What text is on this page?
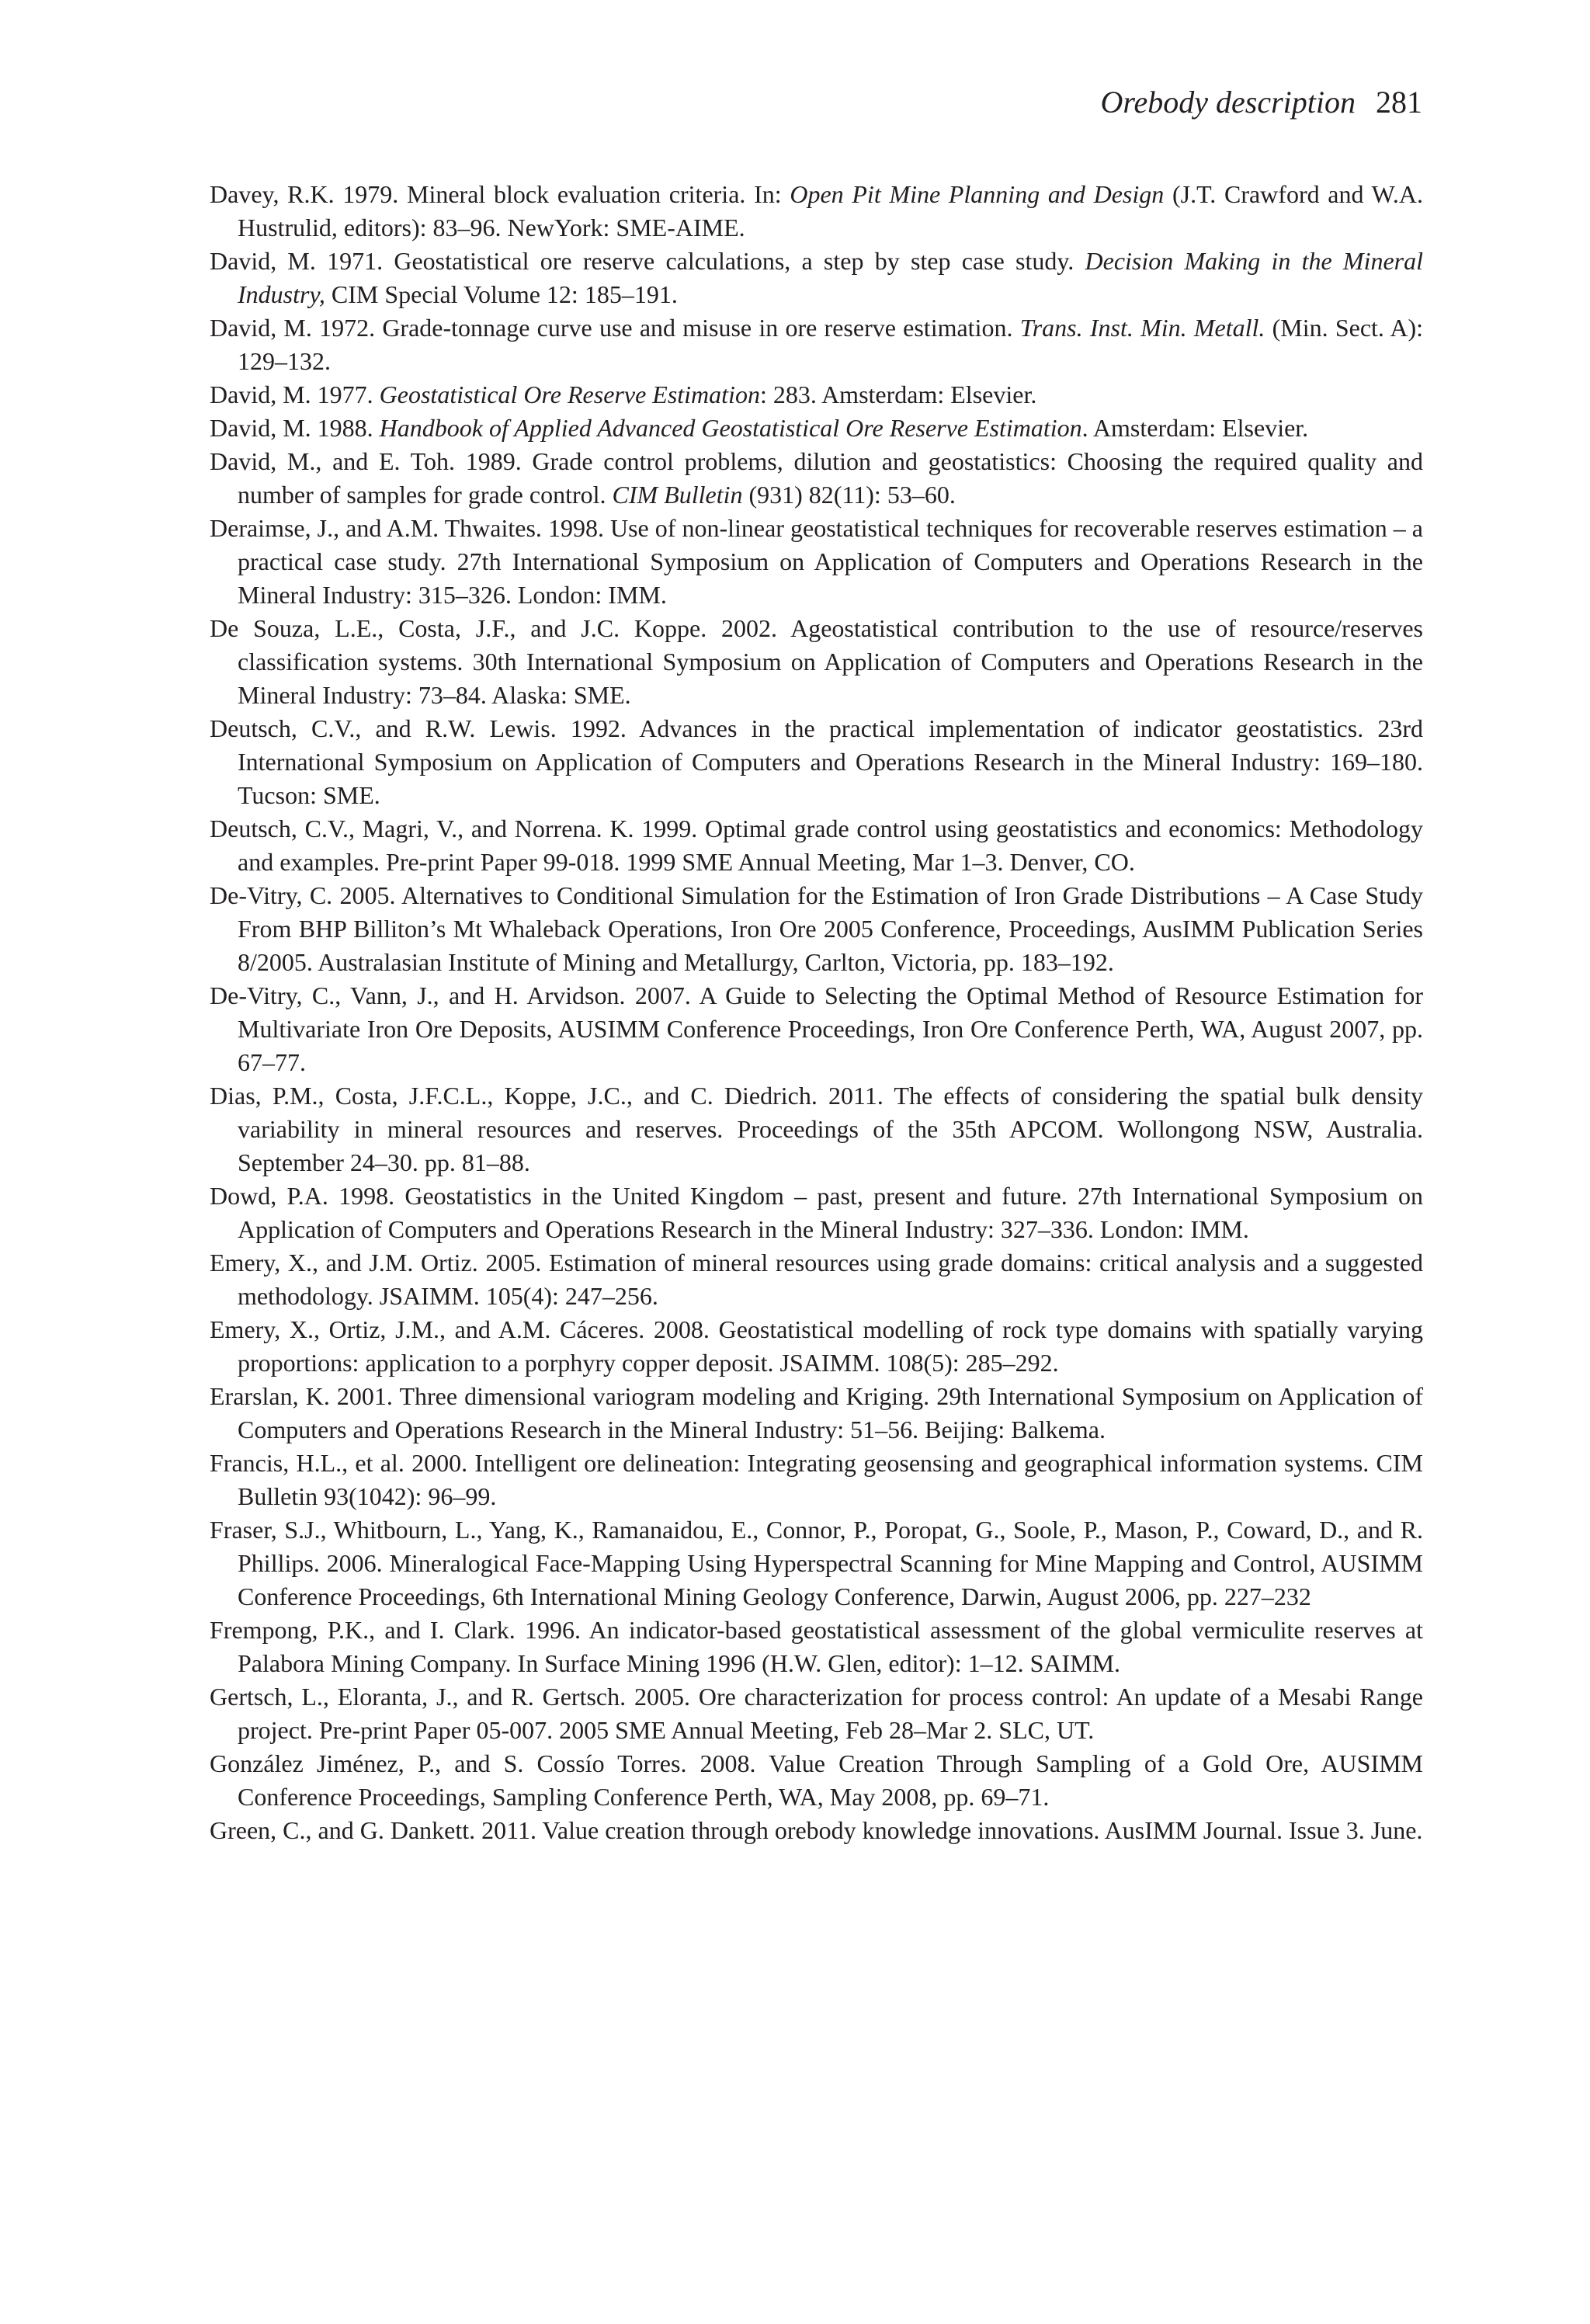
Orebody description 281
Davey, R.K. 1979. Mineral block evaluation criteria. In: Open Pit Mine Planning and Design (J.T. Crawford and W.A. Hustrulid, editors): 83–96. NewYork: SME-AIME.
David, M. 1971. Geostatistical ore reserve calculations, a step by step case study. Decision Making in the Mineral Industry, CIM Special Volume 12: 185–191.
David, M. 1972. Grade-tonnage curve use and misuse in ore reserve estimation. Trans. Inst. Min. Metall. (Min. Sect. A): 129–132.
David, M. 1977. Geostatistical Ore Reserve Estimation: 283. Amsterdam: Elsevier.
David, M. 1988. Handbook of Applied Advanced Geostatistical Ore Reserve Estimation. Amsterdam: Elsevier.
David, M., and E. Toh. 1989. Grade control problems, dilution and geostatistics: Choosing the required quality and number of samples for grade control. CIM Bulletin (931) 82(11): 53–60.
Deraimse, J., and A.M. Thwaites. 1998. Use of non-linear geostatistical techniques for recoverable reserves estimation – a practical case study. 27th International Symposium on Application of Computers and Operations Research in the Mineral Industry: 315–326. London: IMM.
De Souza, L.E., Costa, J.F., and J.C. Koppe. 2002. Ageostatistical contribution to the use of resource/reserves classification systems. 30th International Symposium on Application of Computers and Operations Research in the Mineral Industry: 73–84. Alaska: SME.
Deutsch, C.V., and R.W. Lewis. 1992. Advances in the practical implementation of indicator geostatistics. 23rd International Symposium on Application of Computers and Operations Research in the Mineral Industry: 169–180. Tucson: SME.
Deutsch, C.V., Magri, V., and Norrena. K. 1999. Optimal grade control using geostatistics and economics: Methodology and examples. Pre-print Paper 99-018. 1999 SME Annual Meeting, Mar 1–3. Denver, CO.
De-Vitry, C. 2005. Alternatives to Conditional Simulation for the Estimation of Iron Grade Distributions – A Case Study From BHP Billiton’s Mt Whaleback Operations, Iron Ore 2005 Conference, Proceedings, AusIMM Publication Series 8/2005. Australasian Institute of Mining and Metallurgy, Carlton, Victoria, pp. 183–192.
De-Vitry, C., Vann, J., and H. Arvidson. 2007. A Guide to Selecting the Optimal Method of Resource Estimation for Multivariate Iron Ore Deposits, AUSIMM Conference Proceedings, Iron Ore Conference Perth, WA, August 2007, pp. 67–77.
Dias, P.M., Costa, J.F.C.L., Koppe, J.C., and C. Diedrich. 2011. The effects of considering the spatial bulk density variability in mineral resources and reserves. Proceedings of the 35th APCOM. Wollongong NSW, Australia. September 24–30. pp. 81–88.
Dowd, P.A. 1998. Geostatistics in the United Kingdom – past, present and future. 27th International Symposium on Application of Computers and Operations Research in the Mineral Industry: 327–336. London: IMM.
Emery, X., and J.M. Ortiz. 2005. Estimation of mineral resources using grade domains: critical analysis and a suggested methodology. JSAIMM. 105(4): 247–256.
Emery, X., Ortiz, J.M., and A.M. Cáceres. 2008. Geostatistical modelling of rock type domains with spatially varying proportions: application to a porphyry copper deposit. JSAIMM. 108(5): 285–292.
Erarslan, K. 2001. Three dimensional variogram modeling and Kriging. 29th International Symposium on Application of Computers and Operations Research in the Mineral Industry: 51–56. Beijing: Balkema.
Francis, H.L., et al. 2000. Intelligent ore delineation: Integrating geosensing and geographical information systems. CIM Bulletin 93(1042): 96–99.
Fraser, S.J., Whitbourn, L., Yang, K., Ramanaidou, E., Connor, P., Poropat, G., Soole, P., Mason, P., Coward, D., and R. Phillips. 2006. Mineralogical Face-Mapping Using Hyperspectral Scanning for Mine Mapping and Control, AUSIMM Conference Proceedings, 6th International Mining Geology Conference, Darwin, August 2006, pp. 227–232
Frempong, P.K., and I. Clark. 1996. An indicator-based geostatistical assessment of the global vermiculite reserves at Palabora Mining Company. In Surface Mining 1996 (H.W. Glen, editor): 1–12. SAIMM.
Gertsch, L., Eloranta, J., and R. Gertsch. 2005. Ore characterization for process control: An update of a Mesabi Range project. Pre-print Paper 05-007. 2005 SME Annual Meeting, Feb 28–Mar 2. SLC, UT.
González Jiménez, P., and S. Cossío Torres. 2008. Value Creation Through Sampling of a Gold Ore, AUSIMM Conference Proceedings, Sampling Conference Perth, WA, May 2008, pp. 69–71.
Green, C., and G. Dankett. 2011. Value creation through orebody knowledge innovations. AusIMM Journal. Issue 3. June.
